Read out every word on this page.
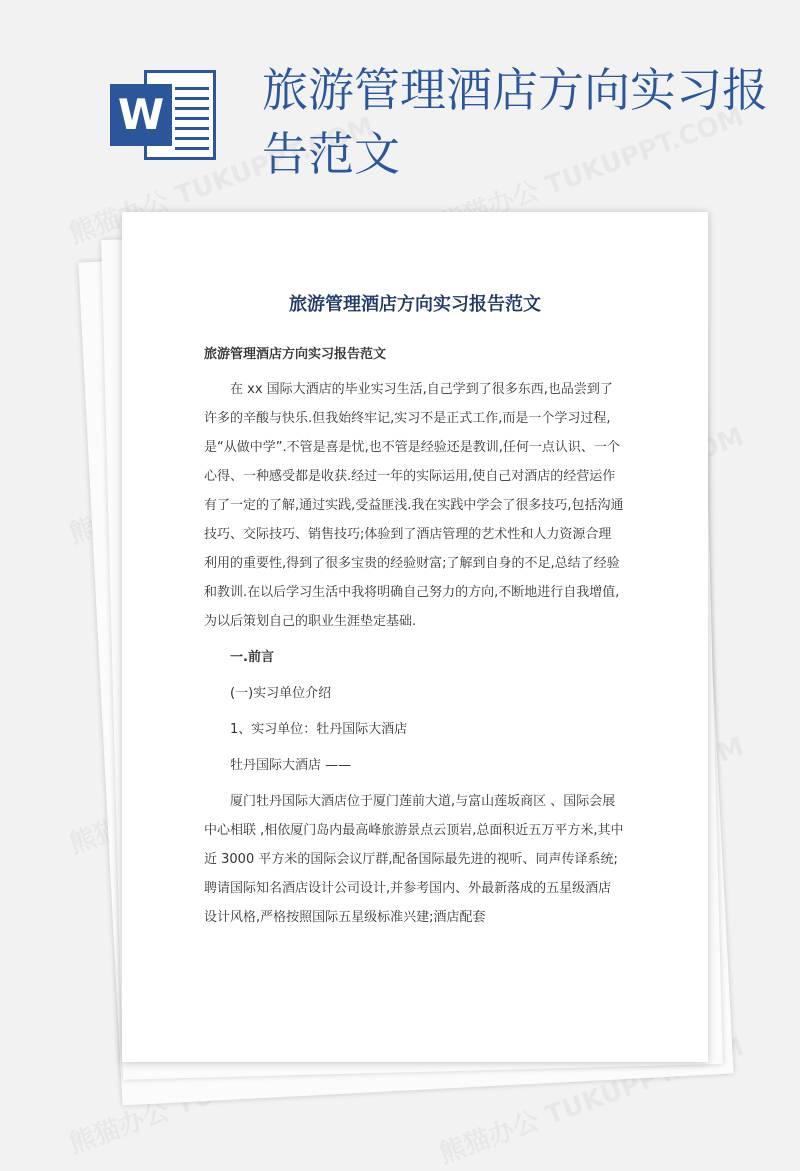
W 旅游管理酒店方向实习报告范文
旅游管理酒店方向实习报告范文

旅游管理酒店方向实习报告范文

在 xx 国际大酒店的毕业实习生活,自己学到了很多东西,也品尝到了许多的辛酸与快乐.但我始终牢记,实习不是正式工作,而是一个学习过程,是“从做中学”.不管是喜是忧,也不管是经验还是教训,任何一点认识、一个心得、一种感受都是收获.经过一年的实际运用,使自己对酒店的经营运作有了一定的了解,通过实践,受益匪浅.我在实践中学会了很多技巧,包括沟通技巧、交际技巧、销售技巧;体验到了酒店管理的艺术性和人力资源合理利用的重要性,得到了很多宝贵的经验财富;了解到自身的不足,总结了经验和教训.在以后学习生活中我将明确自己努力的方向,不断地进行自我增值,为以后策划自己的职业生涯垫定基础.

一.前言

(一)实习单位介绍

1、实习单位：牡丹国际大酒店

牡丹国际大酒店 ——

厦门牡丹国际大酒店位于厦门莲前大道,与富山莲坂商区 、国际会展中心相联 ,相依厦门岛内最高峰旅游景点云顶岩,总面积近五万平方米,其中近 3000 平方米的国际会议厅群,配备国际最先进的视听、同声传译系统;聘请国际知名酒店设计公司设计,并参考国内、外最新落成的五星级酒店设计风格,严格按照国际五星级标准兴建;酒店配套
